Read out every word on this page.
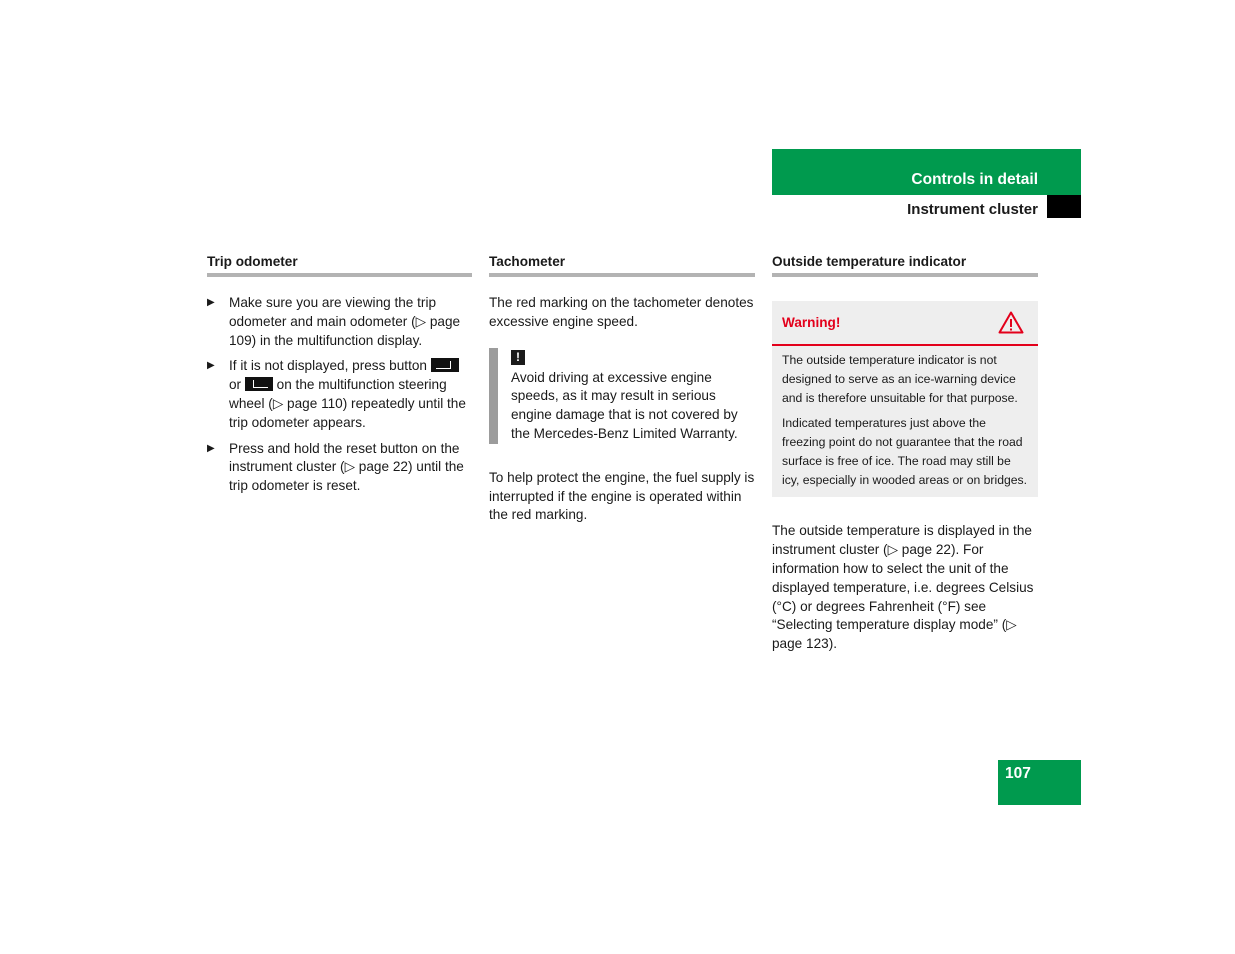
Controls in detail
Instrument cluster
Trip odometer
▶ Make sure you are viewing the trip odometer and main odometer (▷ page 109) in the multifunction display.
▶ If it is not displayed, press button  or	on the multifunction steering wheel (▷ page 110) repeatedly until the trip odometer appears.
▶ Press and hold the reset button on the instrument cluster (▷ page 22) until the trip odometer is reset.
Tachometer

The red marking on the tachometer denotes excessive engine speed.

!

Avoid driving at excessive engine speeds, as it may result in serious engine damage that is not covered by the Mercedes-Benz Limited Warranty.

To help protect the engine, the fuel supply is interrupted if the engine is operated within the red marking.

Outside temperature indicator
Warning!

The outside temperature indicator is not designed to serve as an ice-warning device and is therefore unsuitable for that purpose.

Indicated temperatures just above the freezing point do not guarantee that the road surface is free of ice. The road may still be icy, especially in wooded areas or on bridges.

The outside temperature is displayed in the instrument cluster (▷ page 22). For information how to select the unit of the displayed temperature, i.e. degrees Celsius (°C) or degrees Fahrenheit (°F) see “Selecting temperature display mode” (▷ page 123).

107
